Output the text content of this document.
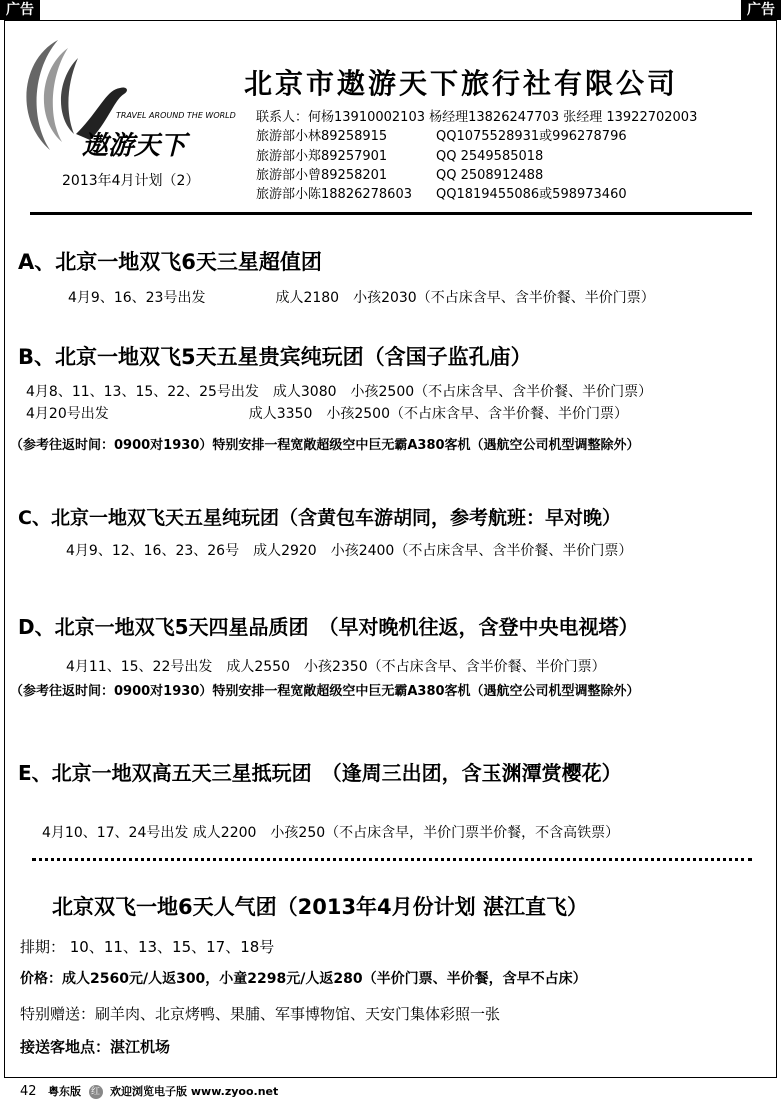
广告	广告
TRAVEL AROUND THE WORLD
遨游天下
2013年4月计划（2）
北京市遨游天下旅行社有限公司
联系人：何杨13910002103 杨经理13826247703 张经理 13922702003
旅游部小林89258915	QQ1075528931或996278796
旅游部小郑89257901	QQ 2549585018
旅游部小曾89258201	QQ 2508912488
旅游部小陈18826278603 QQ1819455086或598973460
A、北京一地双飞6天三星超值团
4月9、16、23号出发　　　　　成人2180　小孩2030（不占床含早、含半价餐、半价门票）
B、北京一地双飞5天五星贵宾纯玩团（含国子监孔庙）
4月8、11、13、15、22、25号出发　成人3080　小孩2500（不占床含早、含半价餐、半价门票）
4月20号出发　　　　　　　　　　成人3350　小孩2500（不占床含早、含半价餐、半价门票）
（参考往返时间：0900对1930）特别安排一程宽敞超级空中巨无霸A380客机（遇航空公司机型调整除外）
C、北京一地双飞天五星纯玩团（含黄包车游胡同，参考航班：早对晚）
4月9、12、16、23、26号　成人2920　小孩2400（不占床含早、含半价餐、半价门票）
D、北京一地双飞5天四星品质团　（早对晚机往返，含登中央电视塔）
4月11、15、22号出发　成人2550　小孩2350（不占床含早、含半价餐、半价门票）
（参考往返时间：0900对1930）特别安排一程宽敞超级空中巨无霸A380客机（遇航空公司机型调整除外）
E、北京一地双高五天三星抵玩团　（逢周三出团，含玉渊潭赏樱花）
4月10、17、24号出发 成人2200　小孩250（不占床含早，半价门票半价餐，不含高铁票）
北京双飞一地6天人气团（2013年4月份计划 湛江直飞）
排期： 10、11、13、15、17、18号
价格：成人2560元/人返300，小童2298元/人返280（半价门票、半价餐，含早不占床）
特别赠送：刷羊肉、北京烤鸭、果脯、军事博物馆、天安门集体彩照一张
接送客地点：湛江机场
42 粤东版 红 欢迎浏览电子版 www.zyoo.net
